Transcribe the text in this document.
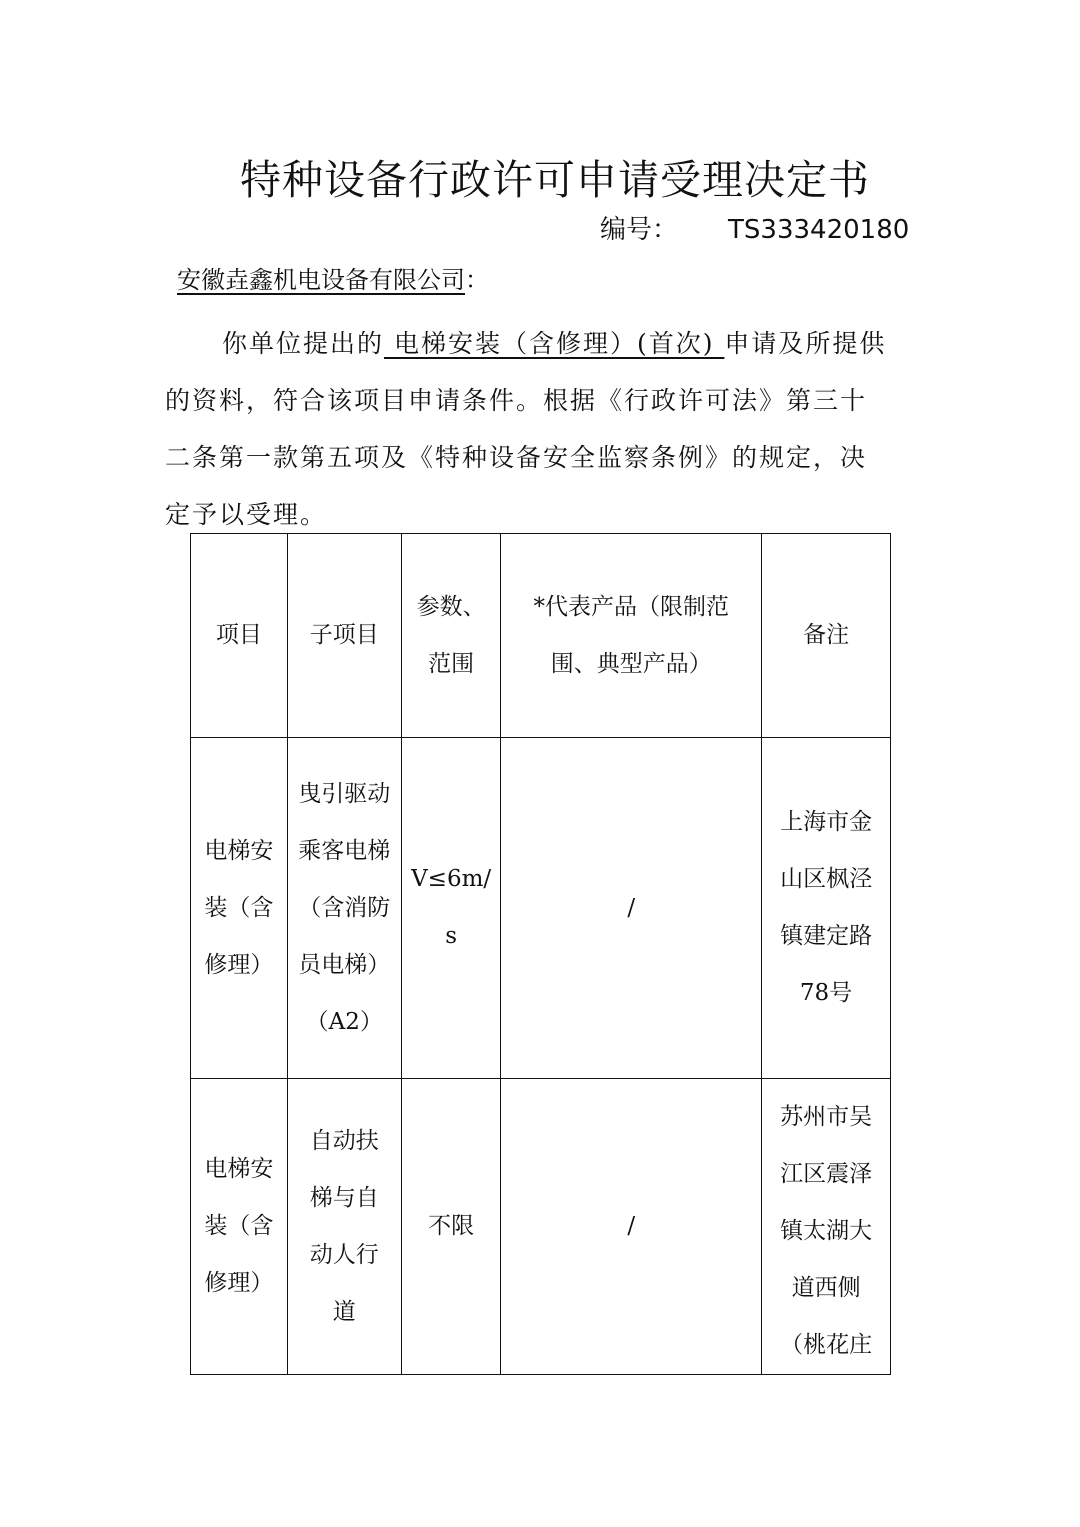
特种设备行政许可申请受理决定书
编号： TS333420180
安徽垚鑫机电设备有限公司：
你单位提出的 电梯安装（含修理）(首次) 申请及所提供
的资料，符合该项目申请条件。根据《行政许可法》第三十
二条第一款第五项及《特种设备安全监察条例》的规定，决
定予以受理。
项目	子项目	参数、范围	*代表产品（限制范围、典型产品）	备注

电梯安装（含修理）	曳引驱动乘客电梯（含消防员电梯）（A2）	V≤6m/s	/	上海市金山区枫泾镇建定路78号

电梯安装（含修理）	自动扶梯与自动人行道	不限	/	苏州市吴江区震泽镇太湖大道西侧（桃花庄
